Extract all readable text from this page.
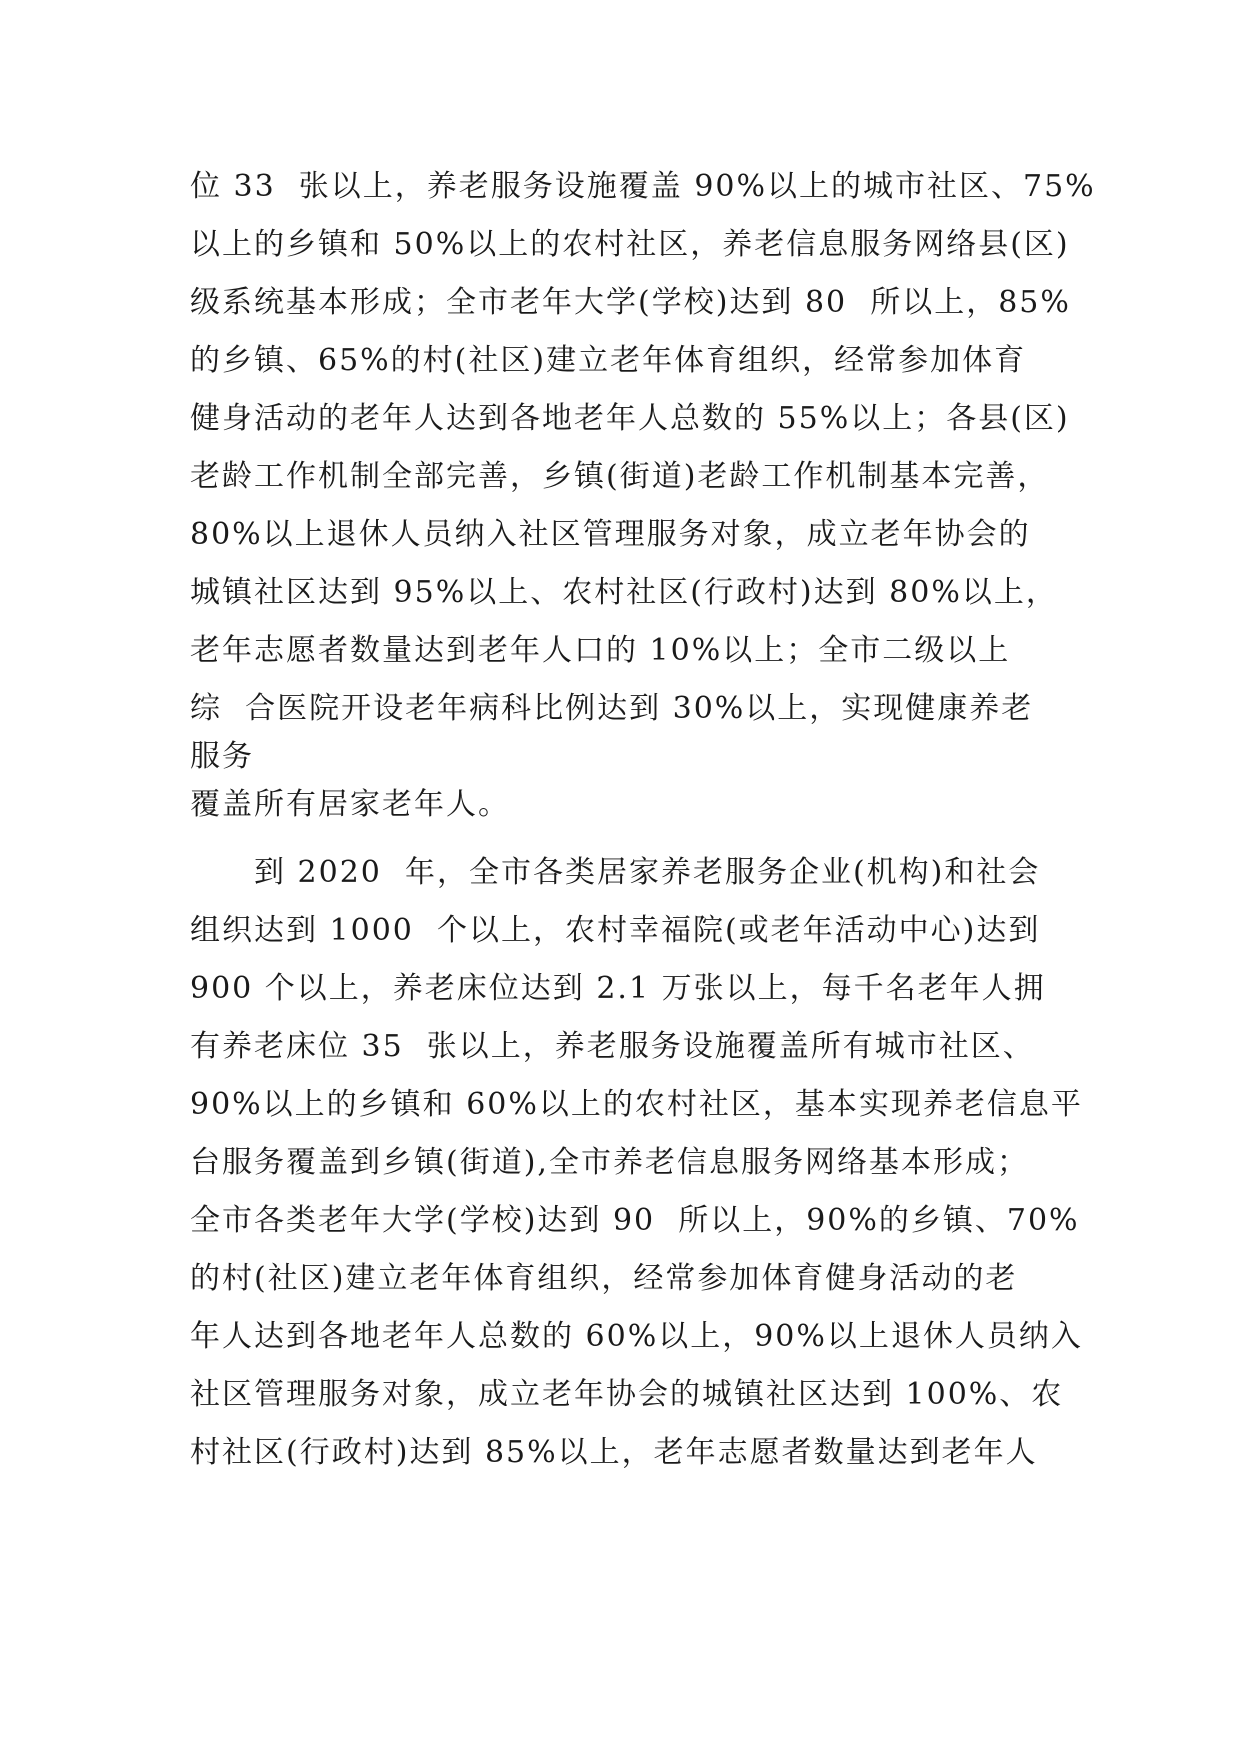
位 33  张以上，养老服务设施覆盖 90%以上的城市社区、75%
以上的乡镇和 50%以上的农村社区，养老信息服务网络县(区)
级系统基本形成；全市老年大学(学校)达到 80  所以上，85%
的乡镇、65%的村(社区)建立老年体育组织，经常参加体育
健身活动的老年人达到各地老年人总数的 55%以上；各县(区)
老龄工作机制全部完善，乡镇(街道)老龄工作机制基本完善，
80%以上退休人员纳入社区管理服务对象，成立老年协会的
城镇社区达到 95%以上、农村社区(行政村)达到 80%以上，
老年志愿者数量达到老年人口的 10%以上；全市二级以上
综  合医院开设老年病科比例达到 30%以上，实现健康养老
服务
覆盖所有居家老年人。
　　到 2020  年，全市各类居家养老服务企业(机构)和社会
组织达到 1000  个以上，农村幸福院(或老年活动中心)达到
900 个以上，养老床位达到 2.1 万张以上，每千名老年人拥
有养老床位 35  张以上，养老服务设施覆盖所有城市社区、
90%以上的乡镇和 60%以上的农村社区，基本实现养老信息平
台服务覆盖到乡镇(街道),全市养老信息服务网络基本形成；
全市各类老年大学(学校)达到 90  所以上，90%的乡镇、70%
的村(社区)建立老年体育组织，经常参加体育健身活动的老
年人达到各地老年人总数的 60%以上，90%以上退休人员纳入
社区管理服务对象，成立老年协会的城镇社区达到 100%、农
村社区(行政村)达到 85%以上，老年志愿者数量达到老年人
